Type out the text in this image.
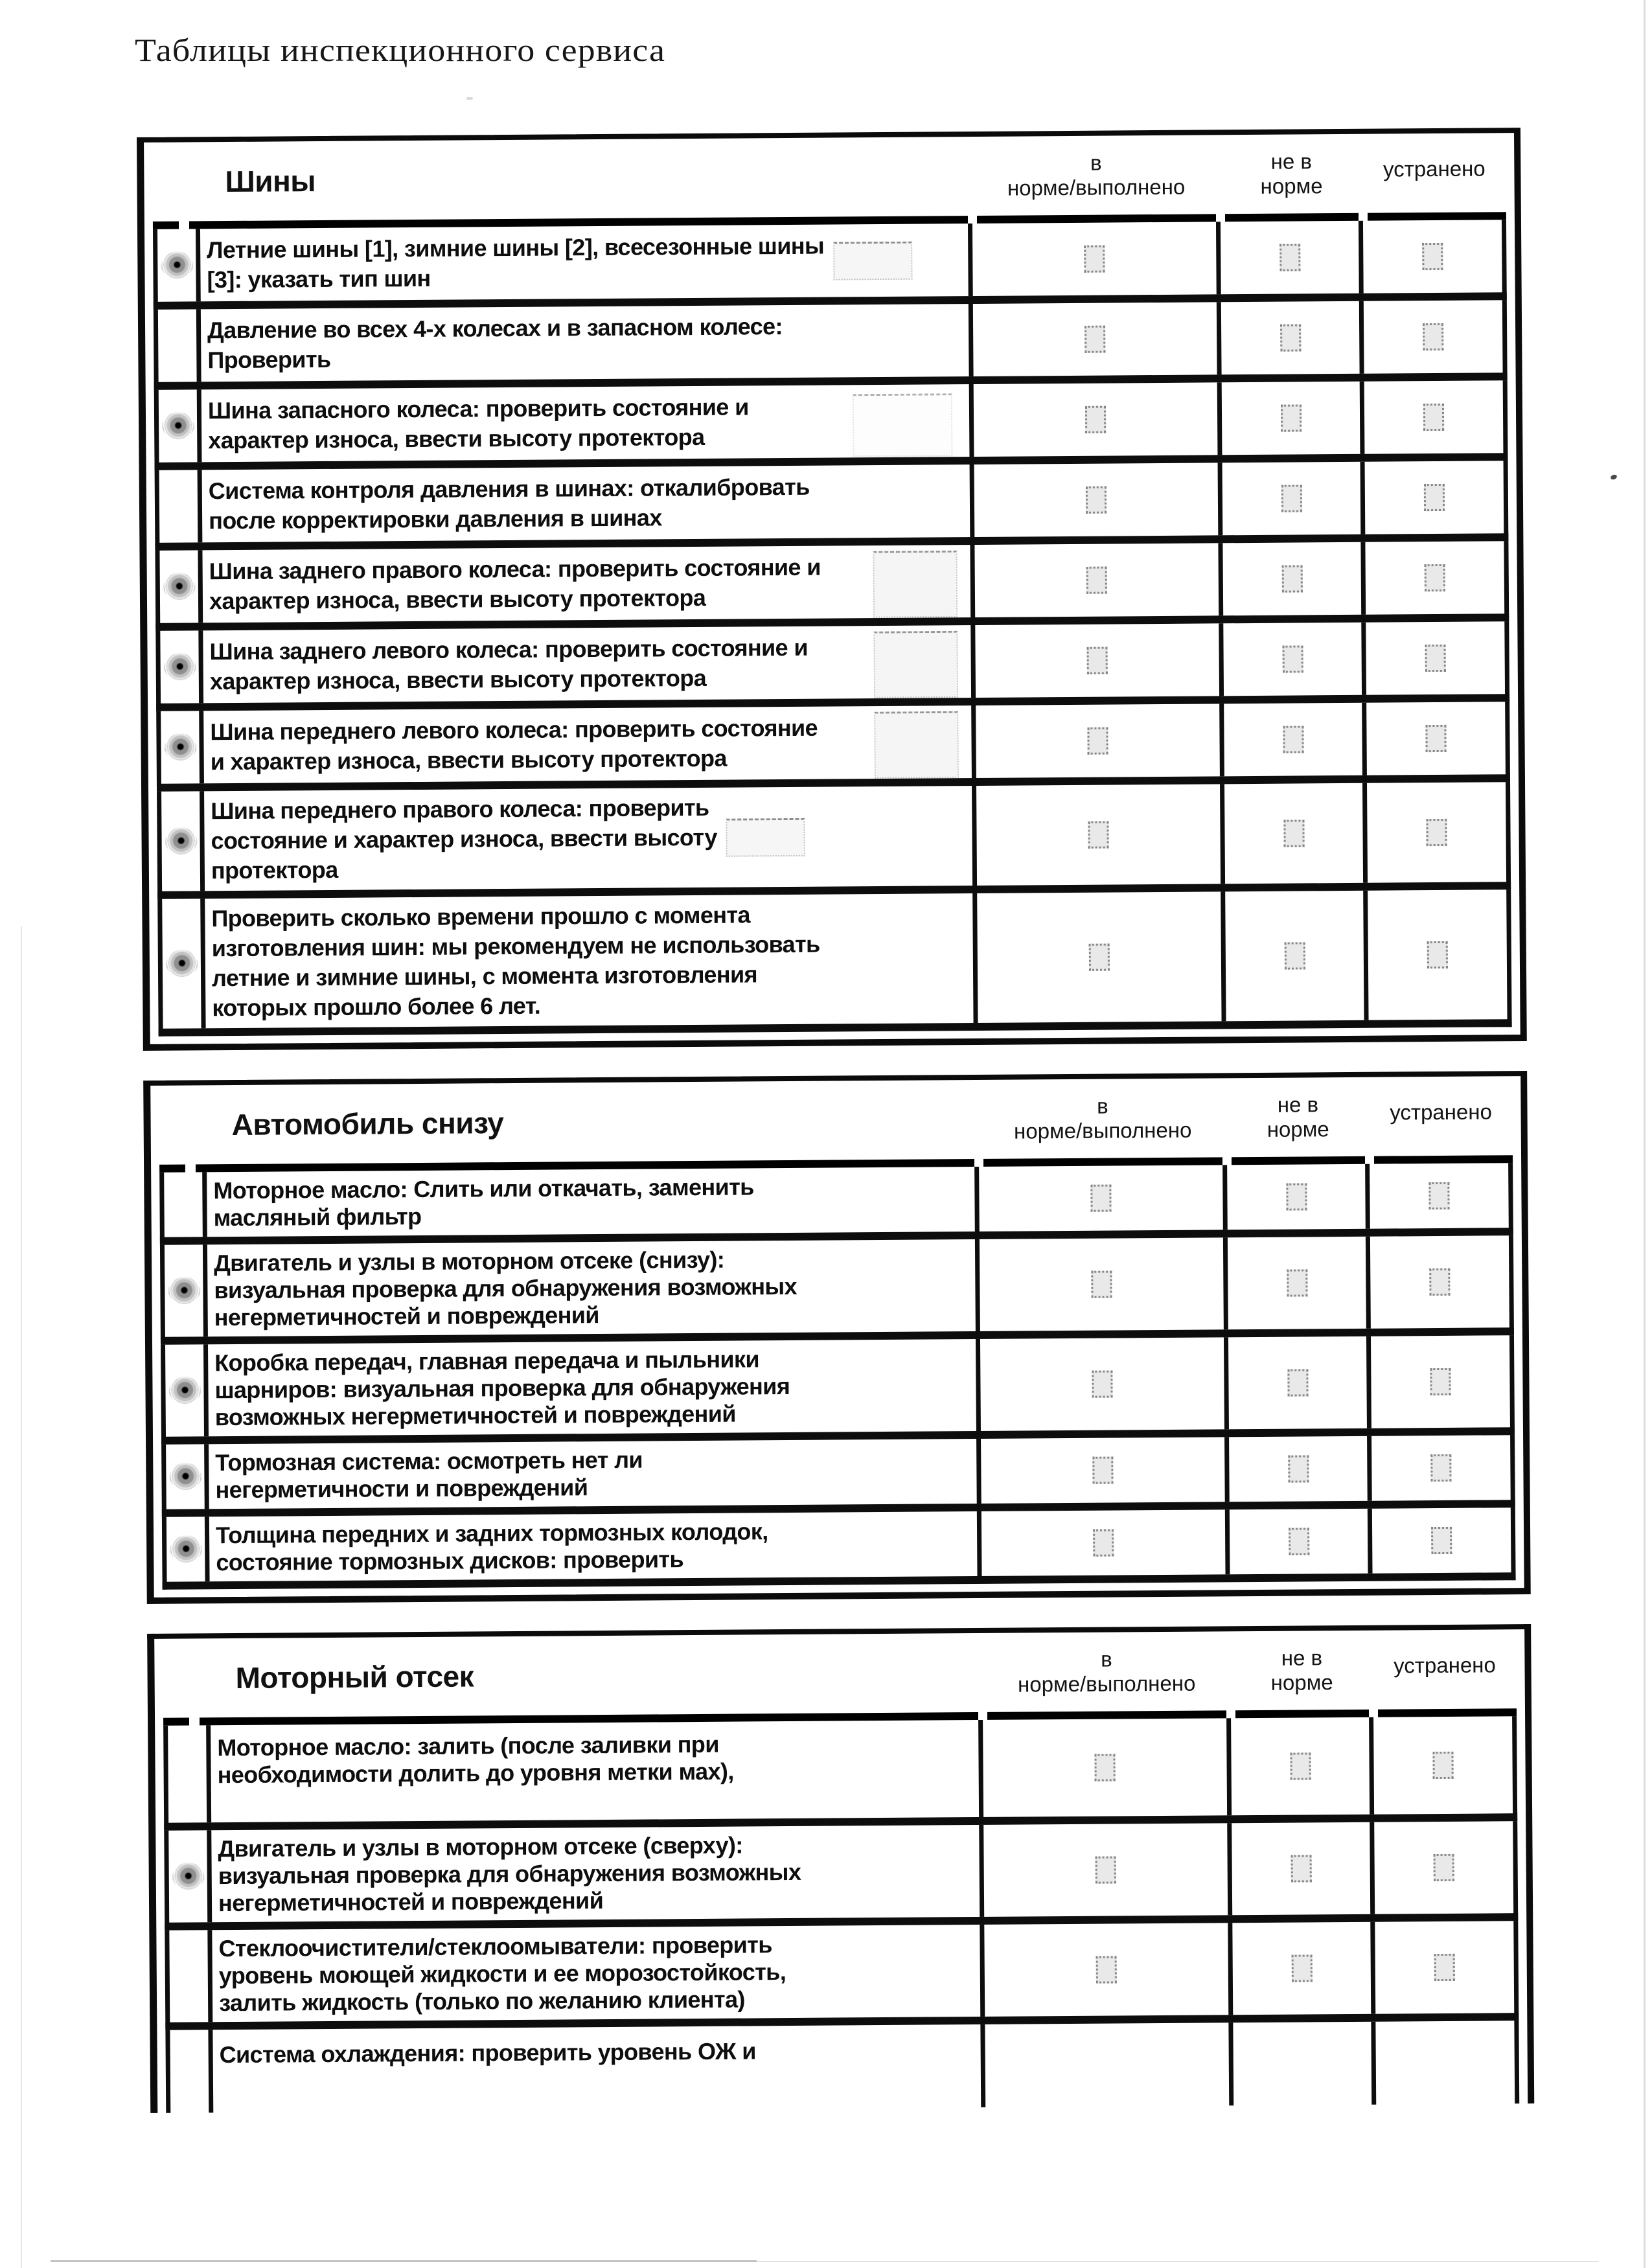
Таблицы инспекционного сервиса
Шины
в
норме/выполнено
не в
норме
устранено
Летние шины [1], зимние шины [2], всесезонные шины
[3]: указать тип шин
Давление во всех 4-х колесах и в запасном колесе:
Проверить
Шина запасного колеса: проверить состояние и
характер износа, ввести высоту протектора
Система контроля давления в шинах: откалибровать
после корректировки давления в шинах
Шина заднего правого колеса: проверить состояние и
характер износа, ввести высоту протектора
Шина заднего левого колеса: проверить состояние и
характер износа, ввести высоту протектора
Шина переднего левого колеса: проверить состояние
и характер износа, ввести высоту протектора
Шина переднего правого колеса: проверить
состояние и характер износа, ввести высоту
протектора
Проверить сколько времени прошло с момента
изготовления шин: мы рекомендуем не использовать
летние и зимние шины, с момента изготовления
которых прошло более 6 лет.
Автомобиль снизу	в
норме/выполнено
не в
норме
устранено
Моторное масло: Слить или откачать, заменить
масляный фильтр
Двигатель и узлы в моторном отсеке (снизу):
визуальная проверка для обнаружения возможных
негерметичностей и повреждений
Коробка передач, главная передача и пыльники
шарниров: визуальная проверка для обнаружения
возможных негерметичностей и повреждений
Тормозная система: осмотреть нет ли
негерметичности и повреждений
Толщина передних и задних тормозных колодок,
состояние тормозных дисков: проверить
Моторный отсек
в
норме/выполнено
не в
норме
устранено
Моторное масло: залить (после заливки при
необходимости долить до уровня метки мах),
Двигатель и узлы в моторном отсеке (сверху):
визуальная проверка для обнаружения возможных
негерметичностей и повреждений
Стеклоочистители/стеклоомыватели: проверить
уровень моющей жидкости и ее морозостойкость,
залить жидкость (только по желанию клиента)
Система охлаждения: проверить уровень ОЖ и
